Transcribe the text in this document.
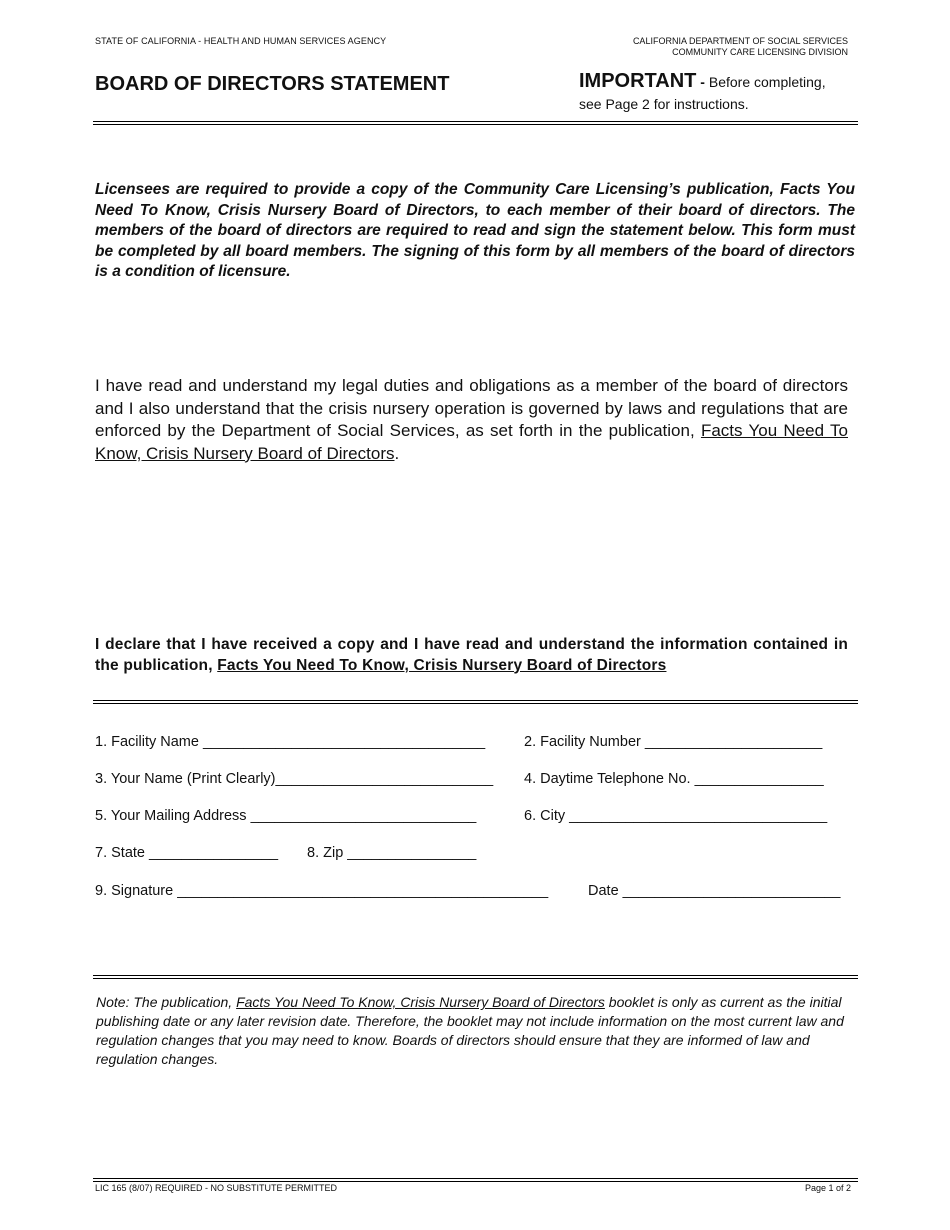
STATE OF CALIFORNIA - HEALTH AND HUMAN SERVICES AGENCY	CALIFORNIA DEPARTMENT OF SOCIAL SERVICES
COMMUNITY CARE LICENSING DIVISION
BOARD OF DIRECTORS STATEMENT	IMPORTANT - Before completing,
see Page 2 for instructions.
Licensees are required to provide a copy of the Community Care Licensing’s publication, Facts You Need To Know, Crisis Nursery Board of Directors, to each member of their board of directors. The members of the board of directors are required to read and sign the statement below. This form must be completed by all board members. The signing of this form by all members of the board of directors is a condition of licensure.
I have read and understand my legal duties and obligations as a member of the board of directors and I also understand that the crisis nursery operation is governed by laws and regulations that are enforced by the Department of Social Services, as set forth in the publication, Facts You Need To Know, Crisis Nursery Board of Directors.
I declare that I have received a copy and I have read and understand the information contained in the publication, Facts You Need To Know, Crisis Nursery Board of Directors
1. Facility Name ___________________________________	2. Facility Number ______________________
3. Your Name (Print Clearly)___________________________ 4. Daytime Telephone No. ________________
5. Your Mailing Address ____________________________	6. City ________________________________
7. State ________________ 8. Zip ________________
9. Signature ______________________________________________	Date ___________________________
Note: The publication, Facts You Need To Know, Crisis Nursery Board of Directors booklet is only as current as the initial publishing date or any later revision date. Therefore, the booklet may not include information on the most current law and regulation changes that you may need to know. Boards of directors should ensure that they are informed of law and regulation changes.
LIC 165 (8/07) REQUIRED - NO SUBSTITUTE PERMITTED	Page 1 of 2
